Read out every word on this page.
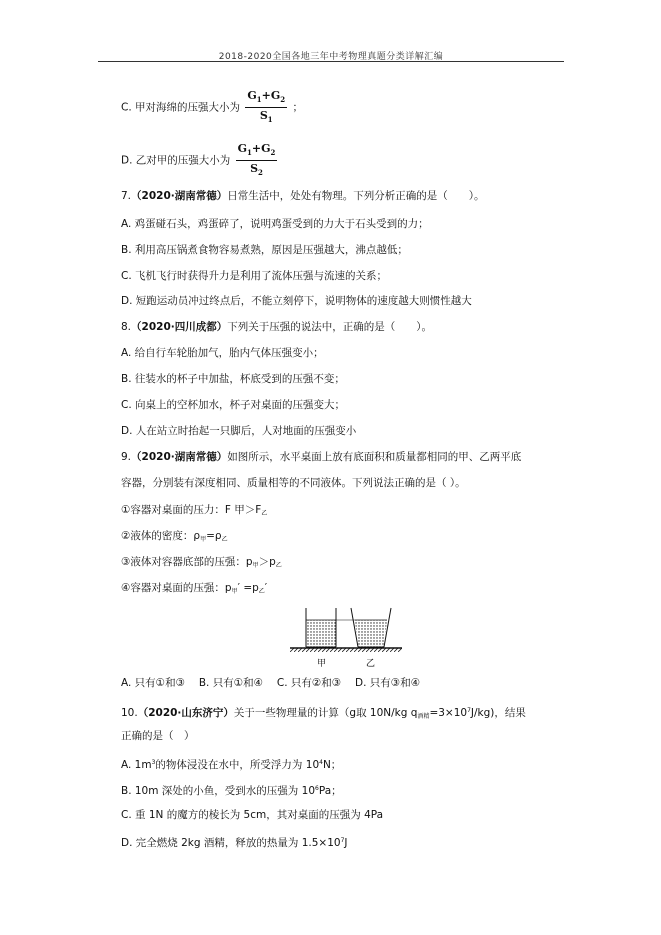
2018-2020全国各地三年中考物理真题分类详解汇编
C. 甲对海绵的压强大小为 $\frac{G_1+G_2}{S_1}$ ；
D. 乙对甲的压强大小为 $\frac{G_1+G_2}{S_2}$
7.（2020·湖南常德）日常生活中，处处有物理。下列分析正确的是（　　）。
A. 鸡蛋碰石头，鸡蛋碎了，说明鸡蛋受到的力大于石头受到的力；
B. 利用高压锅煮食物容易煮熟，原因是压强越大，沸点越低；
C. 飞机飞行时获得升力是利用了流体压强与流速的关系；
D. 短跑运动员冲过终点后，不能立刻停下，说明物体的速度越大则惯性越大
8.（2020·四川成都）下列关于压强的说法中，正确的是（　　）。
A. 给自行车轮胎加气，胎内气体压强变小；
B. 往装水的杯子中加盐，杯底受到的压强不变；
C. 向桌上的空杯加水，杯子对桌面的压强变大；
D. 人在站立时抬起一只脚后，人对地面的压强变小
9.（2020·湖南常德）如图所示，水平桌面上放有底面积和质量都相同的甲、乙两平底
容器，分别装有深度相同、质量相等的不同液体。下列说法正确的是（ ）。
①容器对桌面的压力：F 甲$>F_乙$
②液体的密度：$\rho_甲=\rho_乙$
③液体对容器底部的压强：$p_甲>p_乙$
④容器对桌面的压强：$p_甲' =p_乙'$
甲	乙
A. 只有①和③　 B. 只有①和④　 C. 只有②和③　 D. 只有③和④
10.（2020·山东济宁）关于一些物理量的计算（g取 10N/kg $q_{酒精}=3\times 10^7J/kg$)，结果
正确的是（　）
A. $1m^3$的物体浸没在水中，所受浮力为 $10^4N$；
B. 10m 深处的小鱼，受到水的压强为 $10^6Pa$；
C. 重 1N 的魔方的棱长为 5cm，其对桌面的压强为 4Pa
D. 完全燃烧 2kg 酒精，释放的热量为 $1.5\times 10^7J$
